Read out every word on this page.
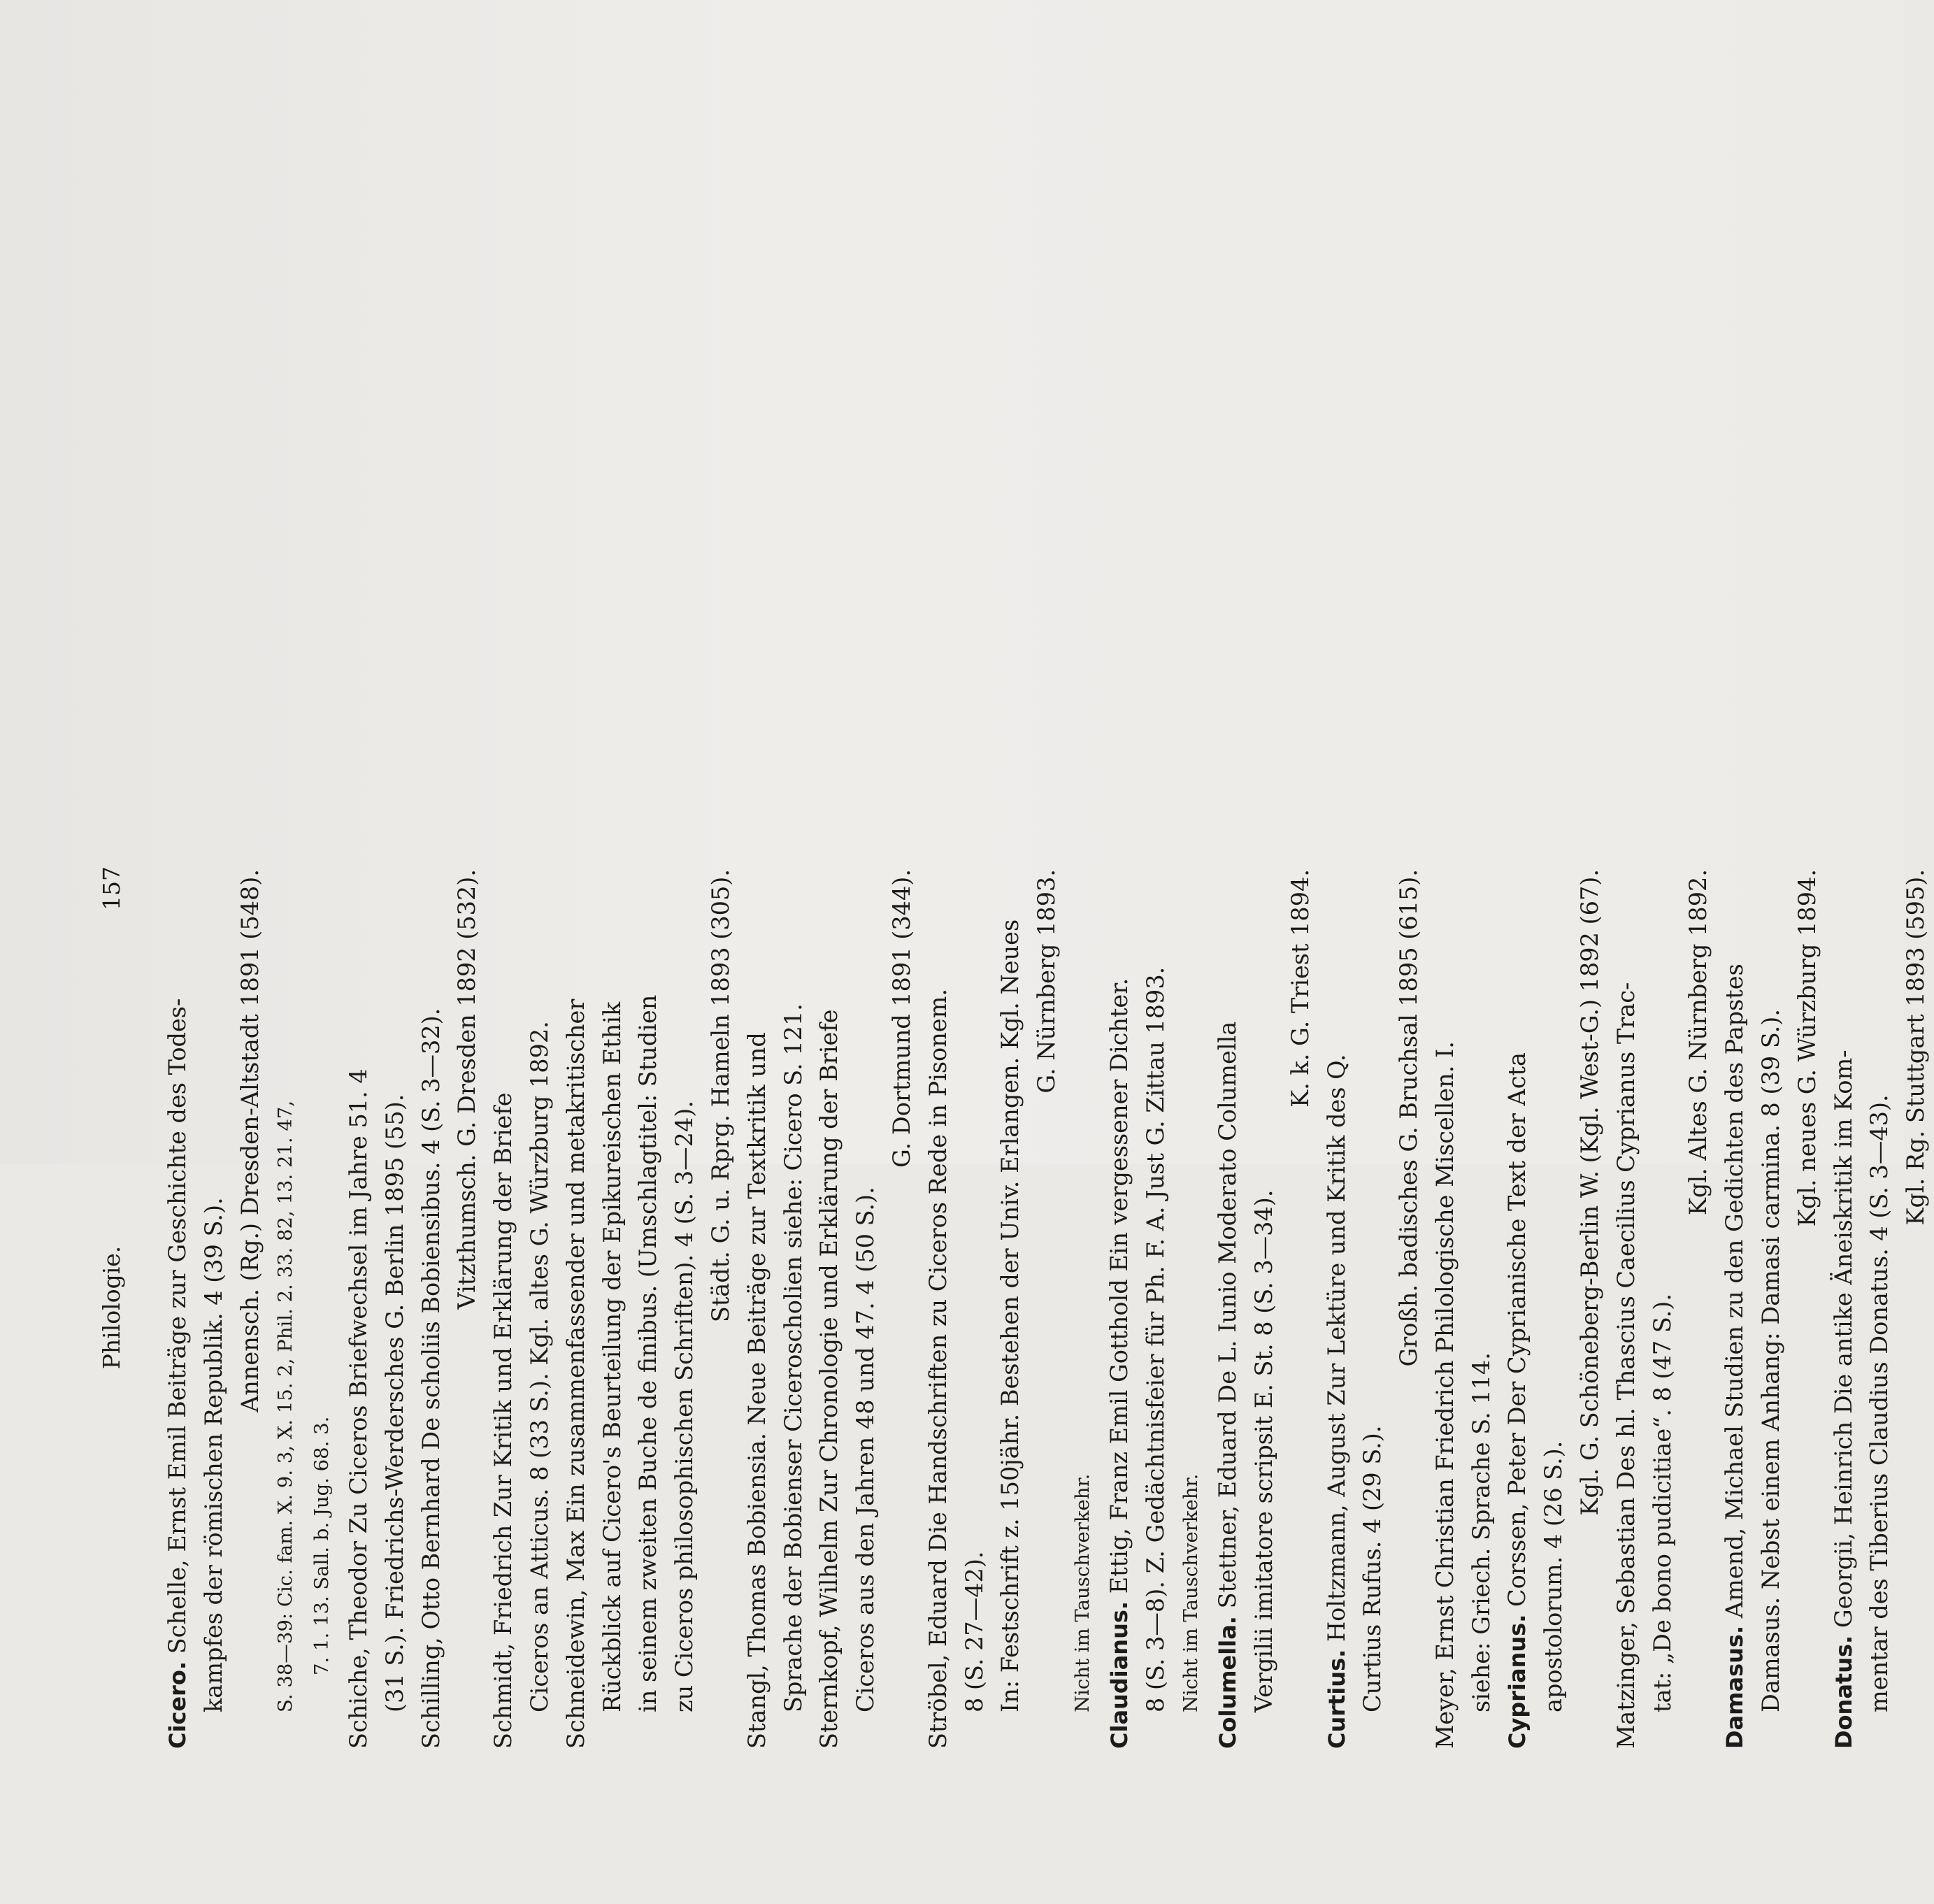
Philologie.
157
Cicero. Schelle, Ernst Emil Beiträge zur Geschichte des Todes- kampfes der römischen Republik. 4 (39 S.).
Annensch. (Rg.) Dresden-Altstadt 1891 (548). S. 38—39: Cic. fam. X. 9. 3, X. 15. 2, Phil. 2. 33. 82, 13. 21. 47, 7. 1. 13. Sall. b. Jug. 68. 3. Schiche, Theodor Zu Ciceros Briefwechsel im Jahre 51. 4 (31 S.). Friedrichs-Werdersches G. Berlin 1895 (55). Schilling, Otto Bernhard De scholiis Bobiensibus. 4 (S. 3—32). Vitzthumsch. G. Dresden 1892 (532).
Schmidt, Friedrich Zur Kritik und Erklärung der Briefe Ciceros an Atticus. 8 (33 S.). Kgl. altes G. Würzburg 1892. Schneidewin, Max Ein zusammenfassender und metakritischer Rückblick auf Cicero's Beurteilung der Epikureischen Ethik in seinem zweiten Buche de finibus. (Umschlagtitel: Studien zu Ciceros philosophischen Schriften). 4 (S. 3—24).
Städt. G. u. Rprg. Hameln 1893 (305). Stangl, Thomas Bobiensia. Neue Beiträge zur Textkritik und Sprache der Bobienser Ciceroscholien siehe: Cicero S. 121. Sternkopf, Wilhelm Zur Chronologie und Erklärung der Briefe Ciceros aus den Jahren 48 und 47. 4 (50 S.).
G. Dortmund 1891 (344). Ströbel, Eduard Die Handschriften zu Ciceros Rede in Pisonem. 8 (S. 27—42). In: Festschrift z. 150jähr. Bestehen der Univ. Erlangen. Kgl. Neues G. Nürnberg 1893.
Nicht im Tauschverkehr. Claudianus. Ettig, Franz Emil Gotthold Ein vergessener Dichter. 8 (S. 3—8). Z. Gedächtnisfeier für Ph. F. A. Just G. Zittau 1893. Nicht im Tauschverkehr. Columella. Stettner, Eduard De L. Iunio Moderato Columella Vergilii imitatore scripsit E. St. 8 (S. 3—34).
K. k. G. Triest 1894.
Curtius. Holtzmann, August Zur Lektüre und Kritik des Q. Curtius Rufus. 4 (29 S.).
Großh. badisches G. Bruchsal 1895 (615). Meyer, Ernst Christian Friedrich Philologische Miscellen. I. siehe: Griech. Sprache S. 114. Cyprianus. Corssen, Peter Der Cyprianische Text der Acta apostolorum. 4 (26 S.).
Kgl. G. Schöneberg-Berlin W. (Kgl. West-G.) 1892 (67). Matzinger, Sebastian Des hl. Thascius Caecilius Cyprianus Trac- tat: „De bono pudicitiae“. 8 (47 S.).
Kgl. Altes G. Nürnberg 1892.
Damasus. Amend, Michael Studien zu den Gedichten des Papstes Damasus. Nebst einem Anhang: Damasi carmina. 8 (39 S.). Kgl. neues G. Würzburg 1894.
Donatus. Georgii, Heinrich Die antike Äneiskritik im Kom- mentar des Tiberius Claudius Donatus. 4 (S. 3—43).
Kgl. Rg. Stuttgart 1893 (595).
